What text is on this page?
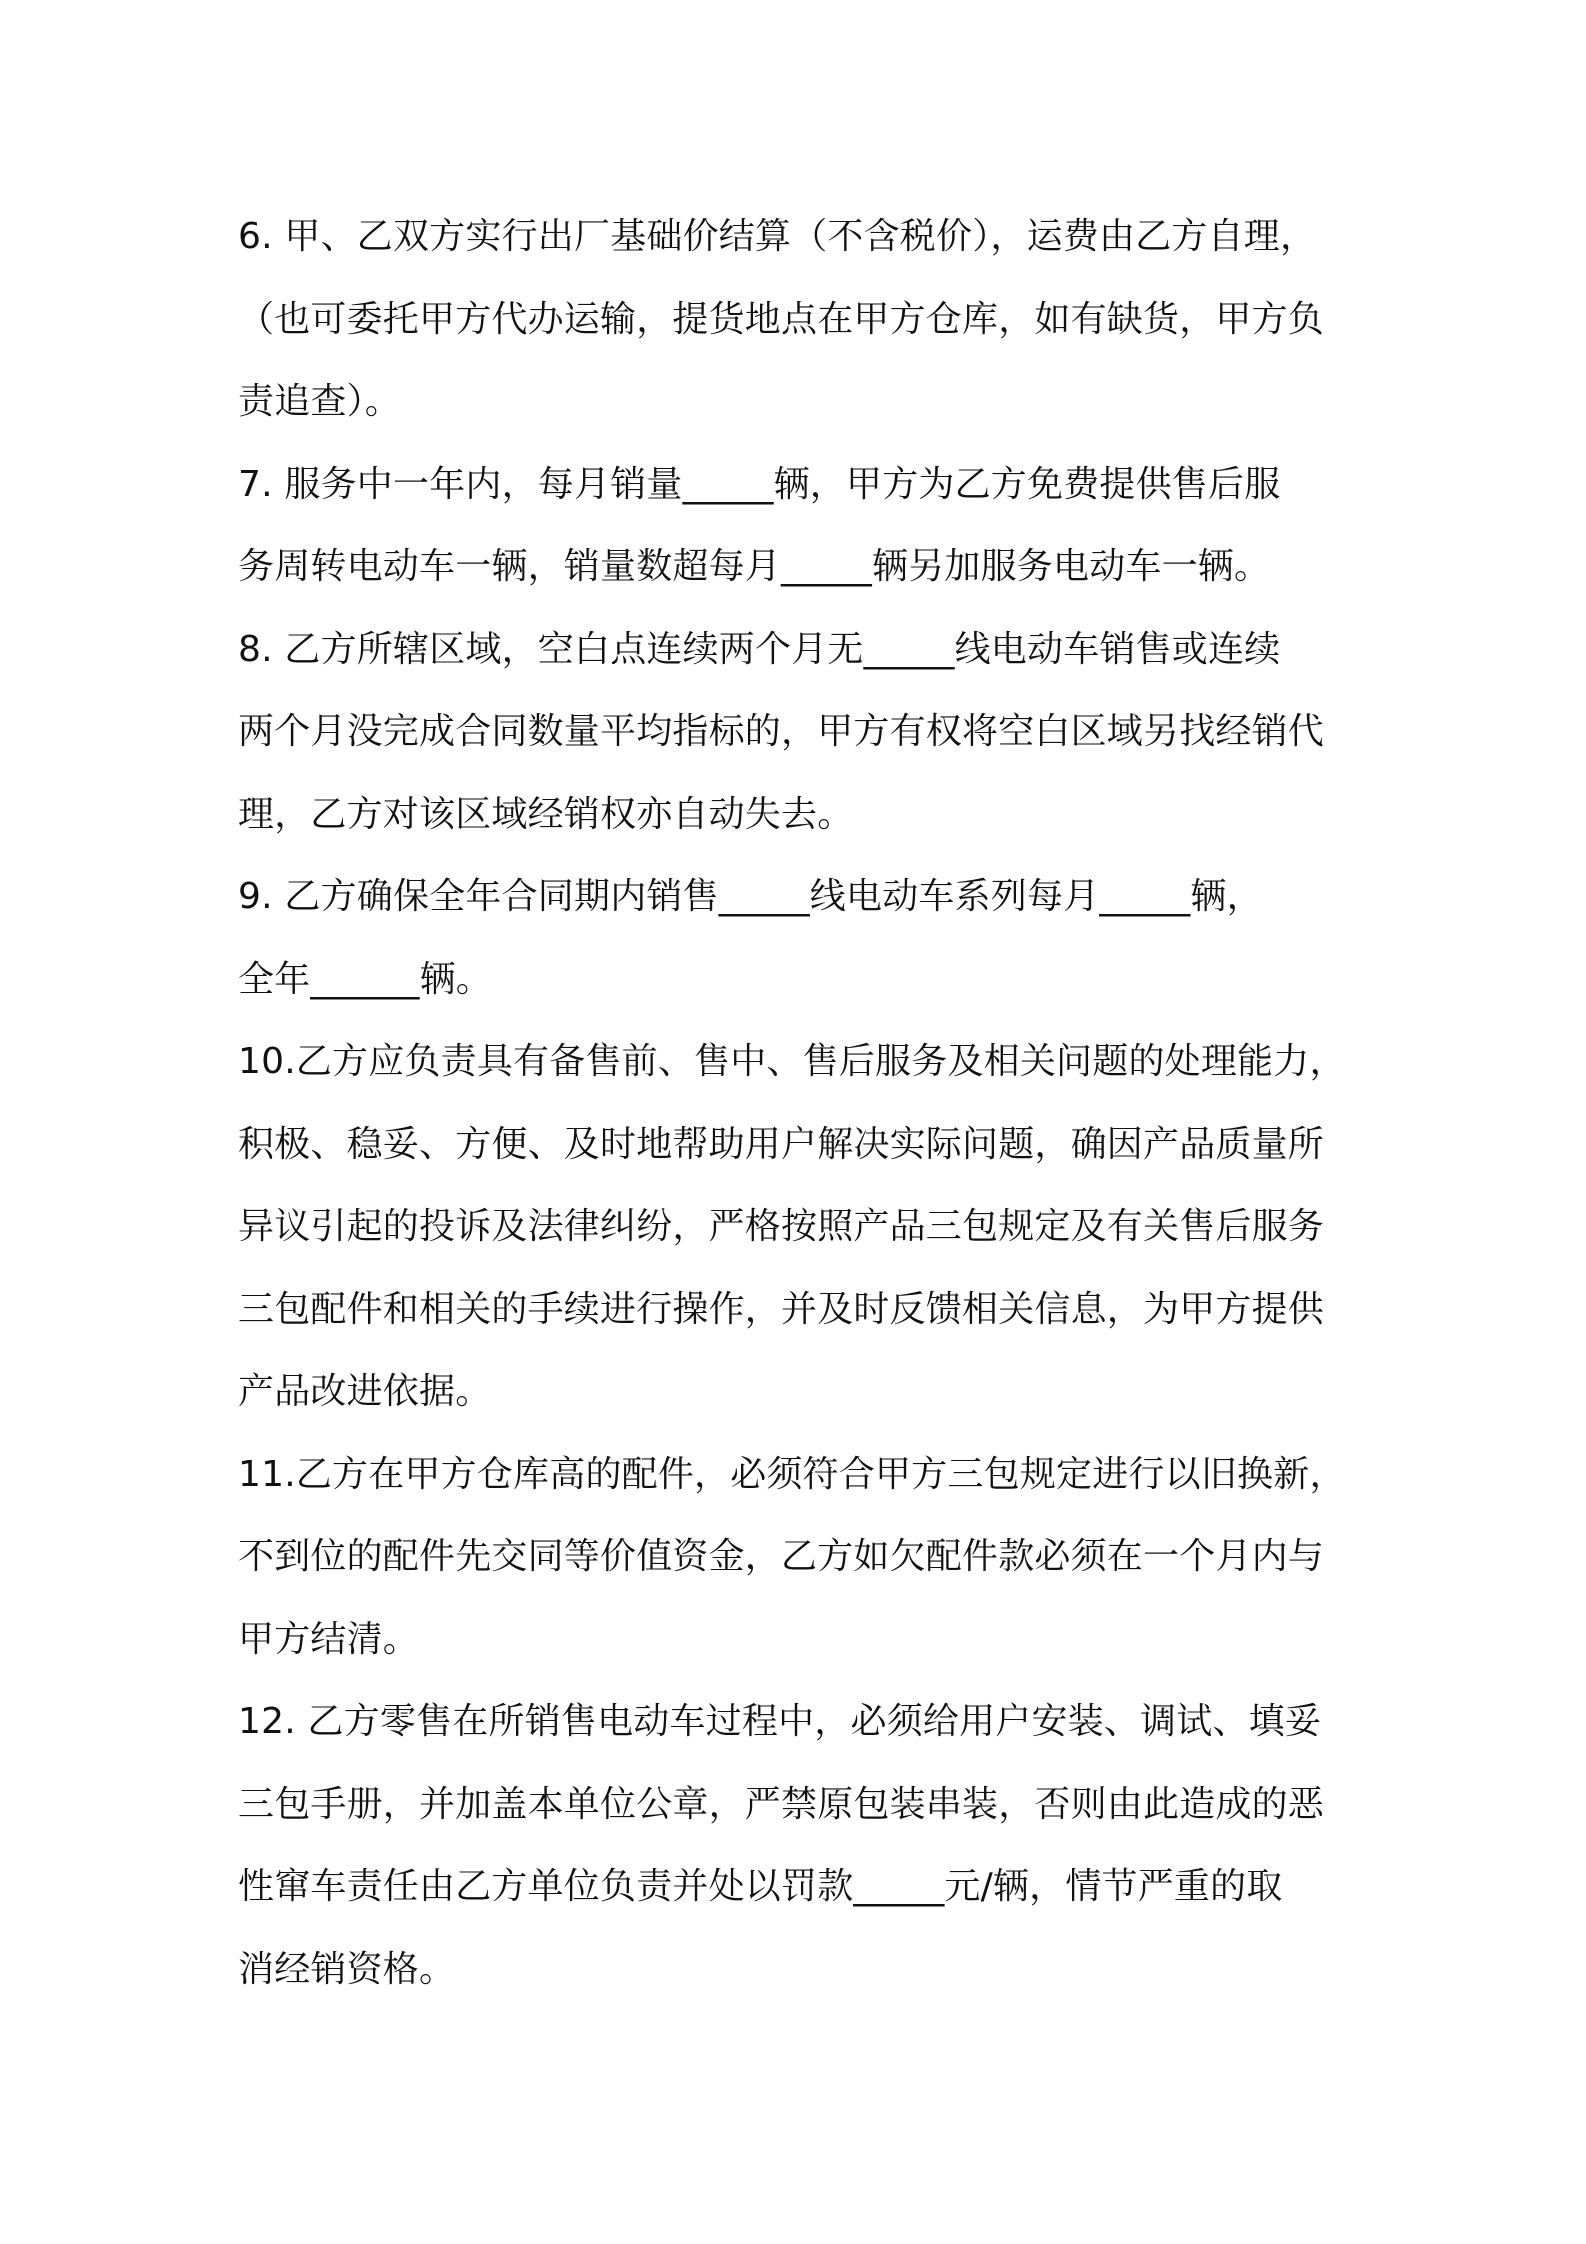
6. 甲、乙双方实行出厂基础价结算（不含税价），运费由乙方自理，
（也可委托甲方代办运输，提货地点在甲方仓库，如有缺货，甲方负
责追查）。
7. 服务中一年内，每月销量_____辆，甲方为乙方免费提供售后服
务周转电动车一辆，销量数超每月_____辆另加服务电动车一辆。
8. 乙方所辖区域，空白点连续两个月无_____线电动车销售或连续
两个月没完成合同数量平均指标的，甲方有权将空白区域另找经销代
理，乙方对该区域经销权亦自动失去。
9. 乙方确保全年合同期内销售_____线电动车系列每月_____辆，
全年______辆。
10.乙方应负责具有备售前、售中、售后服务及相关问题的处理能力，
积极、稳妥、方便、及时地帮助用户解决实际问题，确因产品质量所
异议引起的投诉及法律纠纷，严格按照产品三包规定及有关售后服务
三包配件和相关的手续进行操作，并及时反馈相关信息，为甲方提供
产品改进依据。
11.乙方在甲方仓库高的配件，必须符合甲方三包规定进行以旧换新，
不到位的配件先交同等价值资金，乙方如欠配件款必须在一个月内与
甲方结清。
12. 乙方零售在所销售电动车过程中，必须给用户安装、调试、填妥
三包手册，并加盖本单位公章，严禁原包装串装，否则由此造成的恶
性窜车责任由乙方单位负责并处以罚款_____元/辆，情节严重的取
消经销资格。
